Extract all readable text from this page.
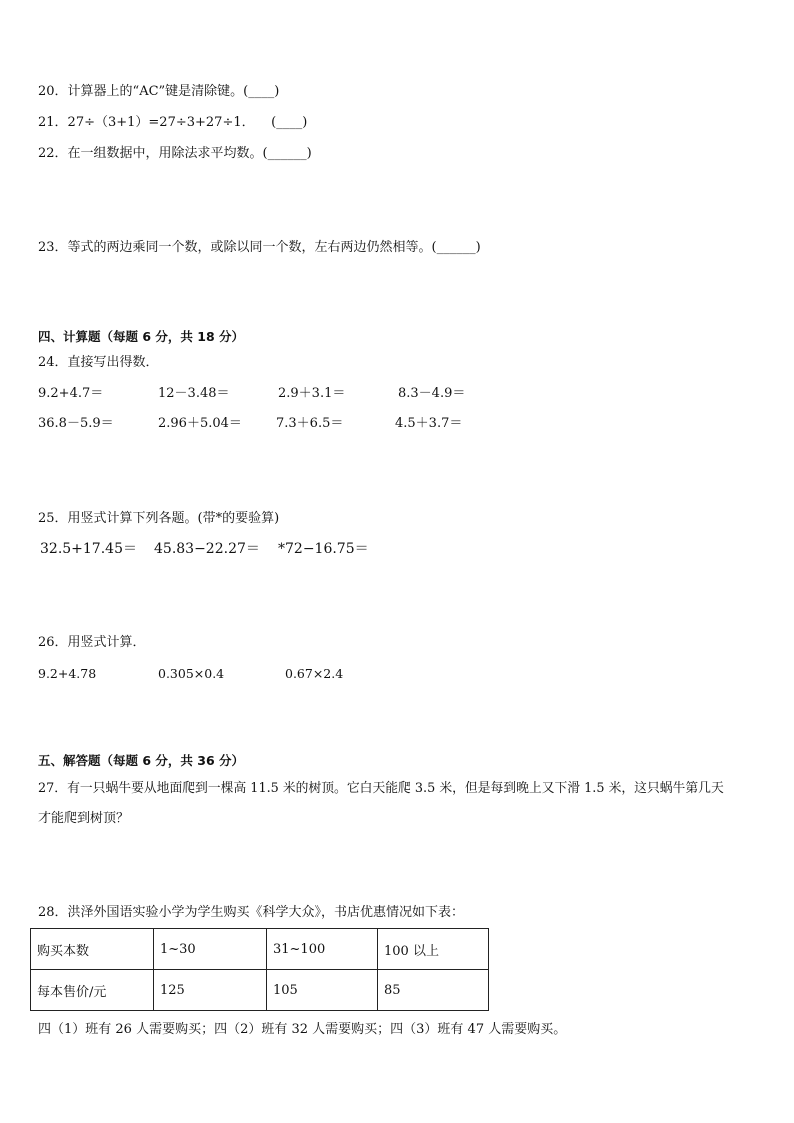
20．计算器上的“AC”键是清除键。(____)
21．27÷（3+1）=27÷3+27÷1．    (____)
22．在一组数据中，用除法求平均数。(______)
23．等式的两边乘同一个数，或除以同一个数，左右两边仍然相等。(______)
四、计算题（每题 6 分，共 18 分）
24．直接写出得数．
9.2+4.7＝	12－3.48＝	2.9＋3.1＝	8.3－4.9＝
36.8－5.9＝	2.96＋5.04＝	7.3＋6.5＝	4.5＋3.7＝
25．用竖式计算下列各题。(带*的要验算)
32.5+17.45＝ 45.83−22.27＝ *72−16.75＝
26．用竖式计算．
9.2+4.78	0.305×0.4	0.67×2.4
五、解答题（每题 6 分，共 36 分）
27．有一只蜗牛要从地面爬到一棵高 11.5 米的树顶。它白天能爬 3.5 米，但是每到晚上又下滑 1.5 米，这只蜗牛第几天
才能爬到树顶？
28．洪泽外国语实验小学为学生购买《科学大众》，书店优惠情况如下表：
购买本数	1~30	31~100	100 以上
每本售价/元	125	105	85
四（1）班有 26 人需要购买；四（2）班有 32 人需要购买；四（3）班有 47 人需要购买。
